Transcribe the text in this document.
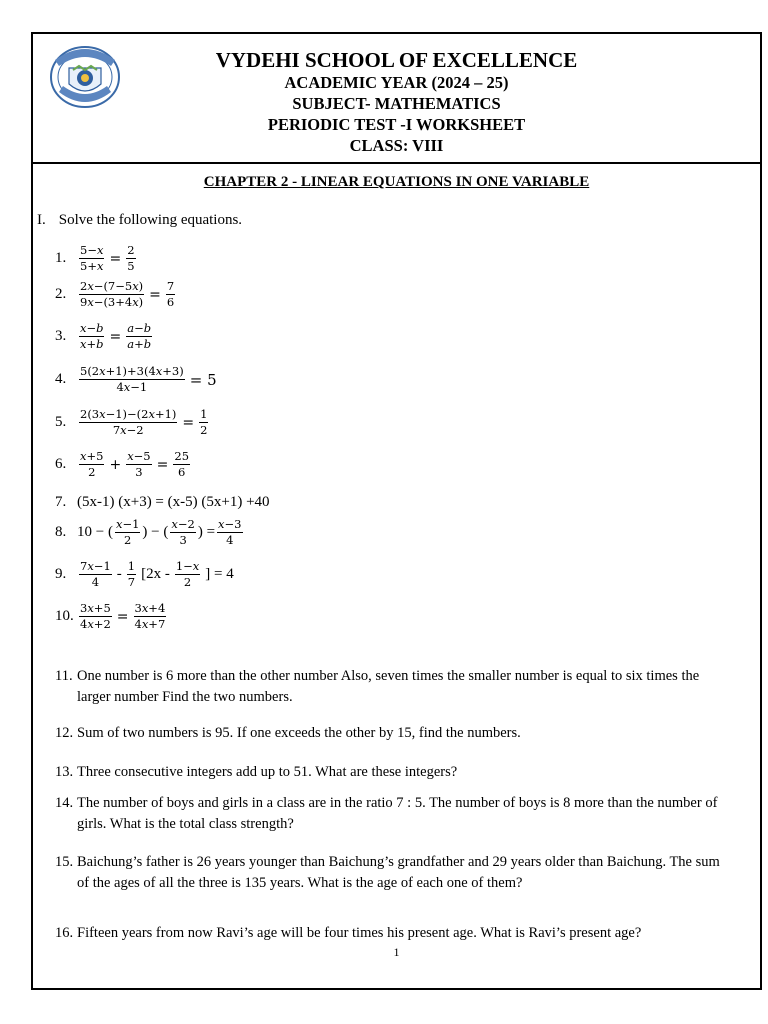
VYDEHI SCHOOL OF EXCELLENCE
ACADEMIC YEAR (2024 – 25)
SUBJECT- MATHEMATICS
PERIODIC TEST -I WORKSHEET
CLASS: VIII
CHAPTER 2 - LINEAR EQUATIONS IN ONE VARIABLE
I. Solve the following equations.
1.	$\frac{\text{5−𝑥}}{\text{5+𝑥}} = \frac{2}{5}$
2.	$\frac{\text{2𝑥−(7−5𝑥)}}{\text{9𝑥−(3+4𝑥)}} = \frac{7}{6}$
3.	$\frac{\text{𝑥−𝑏}}{\text{𝑥+𝑏}} = \frac{\text{𝑎−𝑏}}{\text{𝑎+𝑏}}$
4.	$\frac{\text{5(2𝑥+1)+3(4𝑥+3)}}{\text{4𝑥−1}} = 5$
5.	$\frac{\text{2(3𝑥−1)−(2𝑥+1)}}{\text{7𝑥−2}} = \frac{1}{2}$
6.	$\frac{\text{𝑥+5}}{2} + \frac{\text{𝑥−5}}{3} = \frac{25}{6}$
7. (5x-1) (x+3) = (x-5) (5x+1) +40
8. 10 − ( $\frac{\text{𝑥−1}}{2}$ ) − ( $\frac{\text{𝑥−2}}{3}$ ) = $\frac{\text{𝑥−3}}{4}$
9.	$\frac{\text{7𝑥−1}}{4} - \frac{1}{7} [2x - \frac{\text{1−𝑥}}{2}$ ] = 4
10. $\frac{\text{3𝑥+5}}{\text{4𝑥+2}} = \frac{\text{3𝑥+4}}{\text{4𝑥+7}}$
11. One number is 6 more than the other number Also, seven times the smaller number is equal to six times the larger number Find the two numbers.
12. Sum of two numbers is 95. If one exceeds the other by 15, find the numbers.
13. Three consecutive integers add up to 51. What are these integers?
14. The number of boys and girls in a class are in the ratio 7 : 5. The number of boys is 8 more than the number of girls. What is the total class strength?
15. Baichung’s father is 26 years younger than Baichung’s grandfather and 29 years older than Baichung. The sum of the ages of all the three is 135 years. What is the age of each one of them?
16. Fifteen years from now Ravi’s age will be four times his present age. What is Ravi’s present age?
1
